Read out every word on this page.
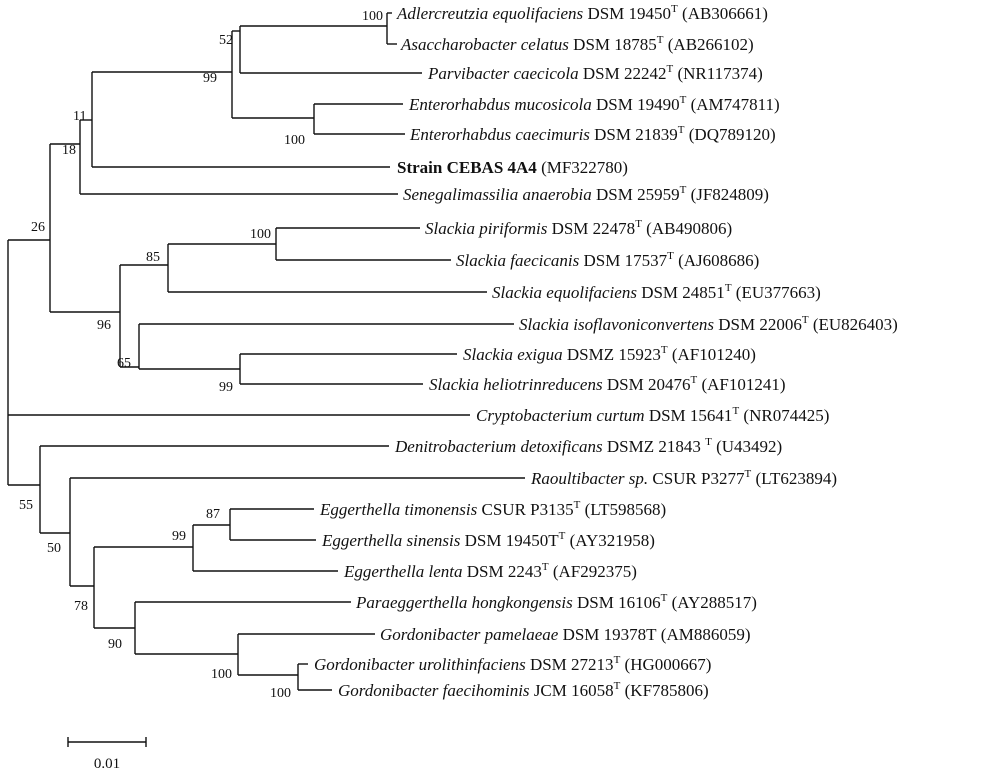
Adlercreutzia equolifaciens DSM $19450^T$ (AB306661)
Asaccharobacter celatus DSM $18785^T$ (AB266102)
Parvibacter caecicola DSM $22242^T$ (NR117374)
Enterorhabdus mucosicola DSM $19490^T$ (AM747811)
Enterorhabdus caecimuris DSM $21839^T$ (DQ789120)
Strain CEBAS 4A4 (MF322780)
Senegalimassilia anaerobia DSM $25959^T$ (JF824809)
Slackia piriformis DSM $22478^T$ (AB490806)
Slackia faecicanis DSM $17537^T$ (AJ608686)
Slackia equolifaciens DSM $24851^T$ (EU377663)
Slackia isoflavoniconvertens DSM $22006^T$ (EU826403)
Slackia exigua DSMZ $15923^T$ (AF101240)
Slackia heliotrinreducens DSM $20476^T$ (AF101241)
Cryptobacterium curtum DSM $15641^T$ (NR074425)
Denitrobacterium detoxificans DSMZ 21843 $^T$ (U43492)
Raoultibacter sp. CSUR $P3277^T$ (LT623894)
Eggerthella timonensis CSUR $P3135^T$ (LT598568)
Eggerthella sinensis DSM $19450T^T$ (AY321958)
Eggerthella lenta DSM $2243^T$ (AF292375)
Paraeggerthella hongkongensis DSM $16106^T$ (AY288517)
Gordonibacter pamelaeae DSM 19378T (AM886059)
Gordonibacter urolithinfaciens DSM $27213^T$ (HG000667)
Gordonibacter faecihominis JCM $16058^T$ (KF785806)
100
52
99
100
11
18
26	100
85
96
65
99
87
99
55
50
78
90
100
100
0.01
